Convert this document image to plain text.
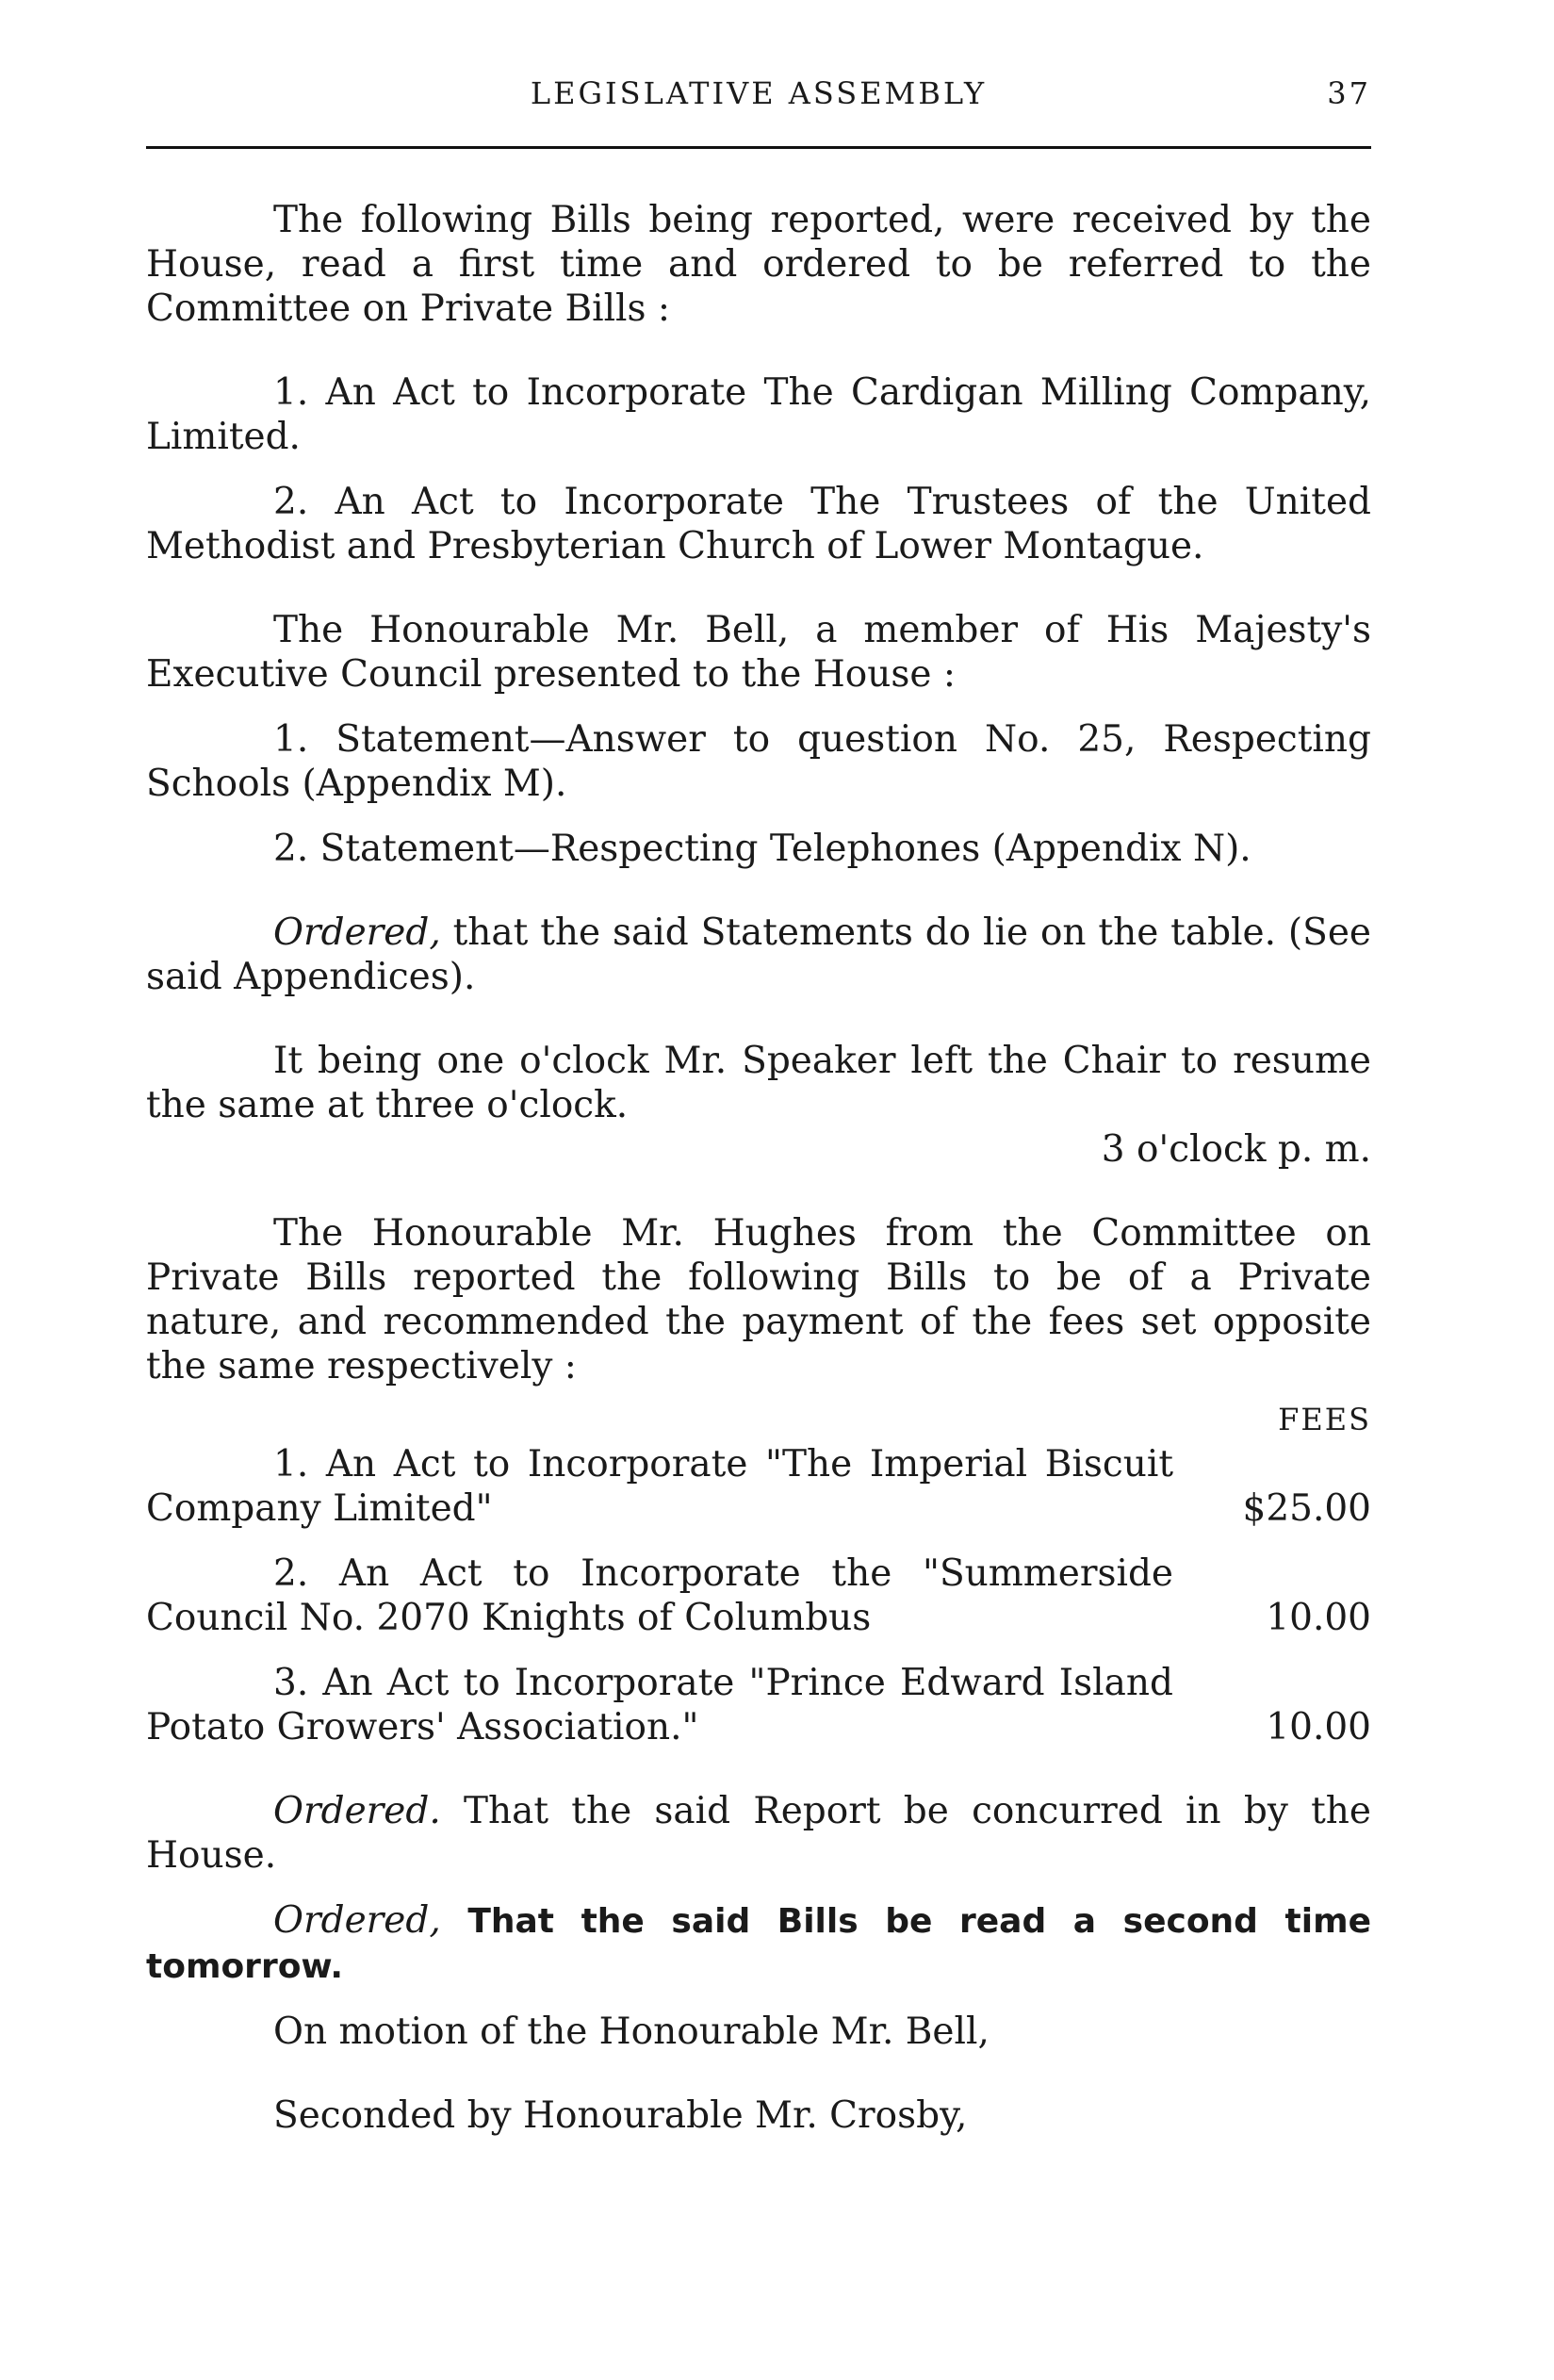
LEGISLATIVE ASSEMBLY	37

The following Bills being reported, were received by the House, read a first time and ordered to be referred to the Committee on Private Bills :

1. An Act to Incorporate The Cardigan Milling Company, Limited.

2. An Act to Incorporate The Trustees of the United Methodist and Presbyterian Church of Lower Montague.

The Honourable Mr. Bell, a member of His Majesty's Executive Council presented to the House :

1. Statement—Answer to question No. 25, Respecting Schools (Appendix M).

2. Statement—Respecting Telephones (Appendix N).

Ordered, that the said Statements do lie on the table. (See said Appendices).

It being one o'clock Mr. Speaker left the Chair to resume the same at three o'clock.

3 o'clock p. m.

The Honourable Mr. Hughes from the Committee on Private Bills reported the following Bills to be of a Private nature, and recommended the payment of the fees set opposite the same respectively :

FEES

1. An Act to Incorporate "The Imperial Biscuit Company Limited"	$25.00
2. An Act to Incorporate the "Summerside Council No. 2070 Knights of Columbus	10.00
3. An Act to Incorporate "Prince Edward Island Potato Growers' Association."	10.00

Ordered. That the said Report be concurred in by the House.

Ordered, That the said Bills be read a second time tomorrow.

On motion of the Honourable Mr. Bell,

Seconded by Honourable Mr. Crosby,
